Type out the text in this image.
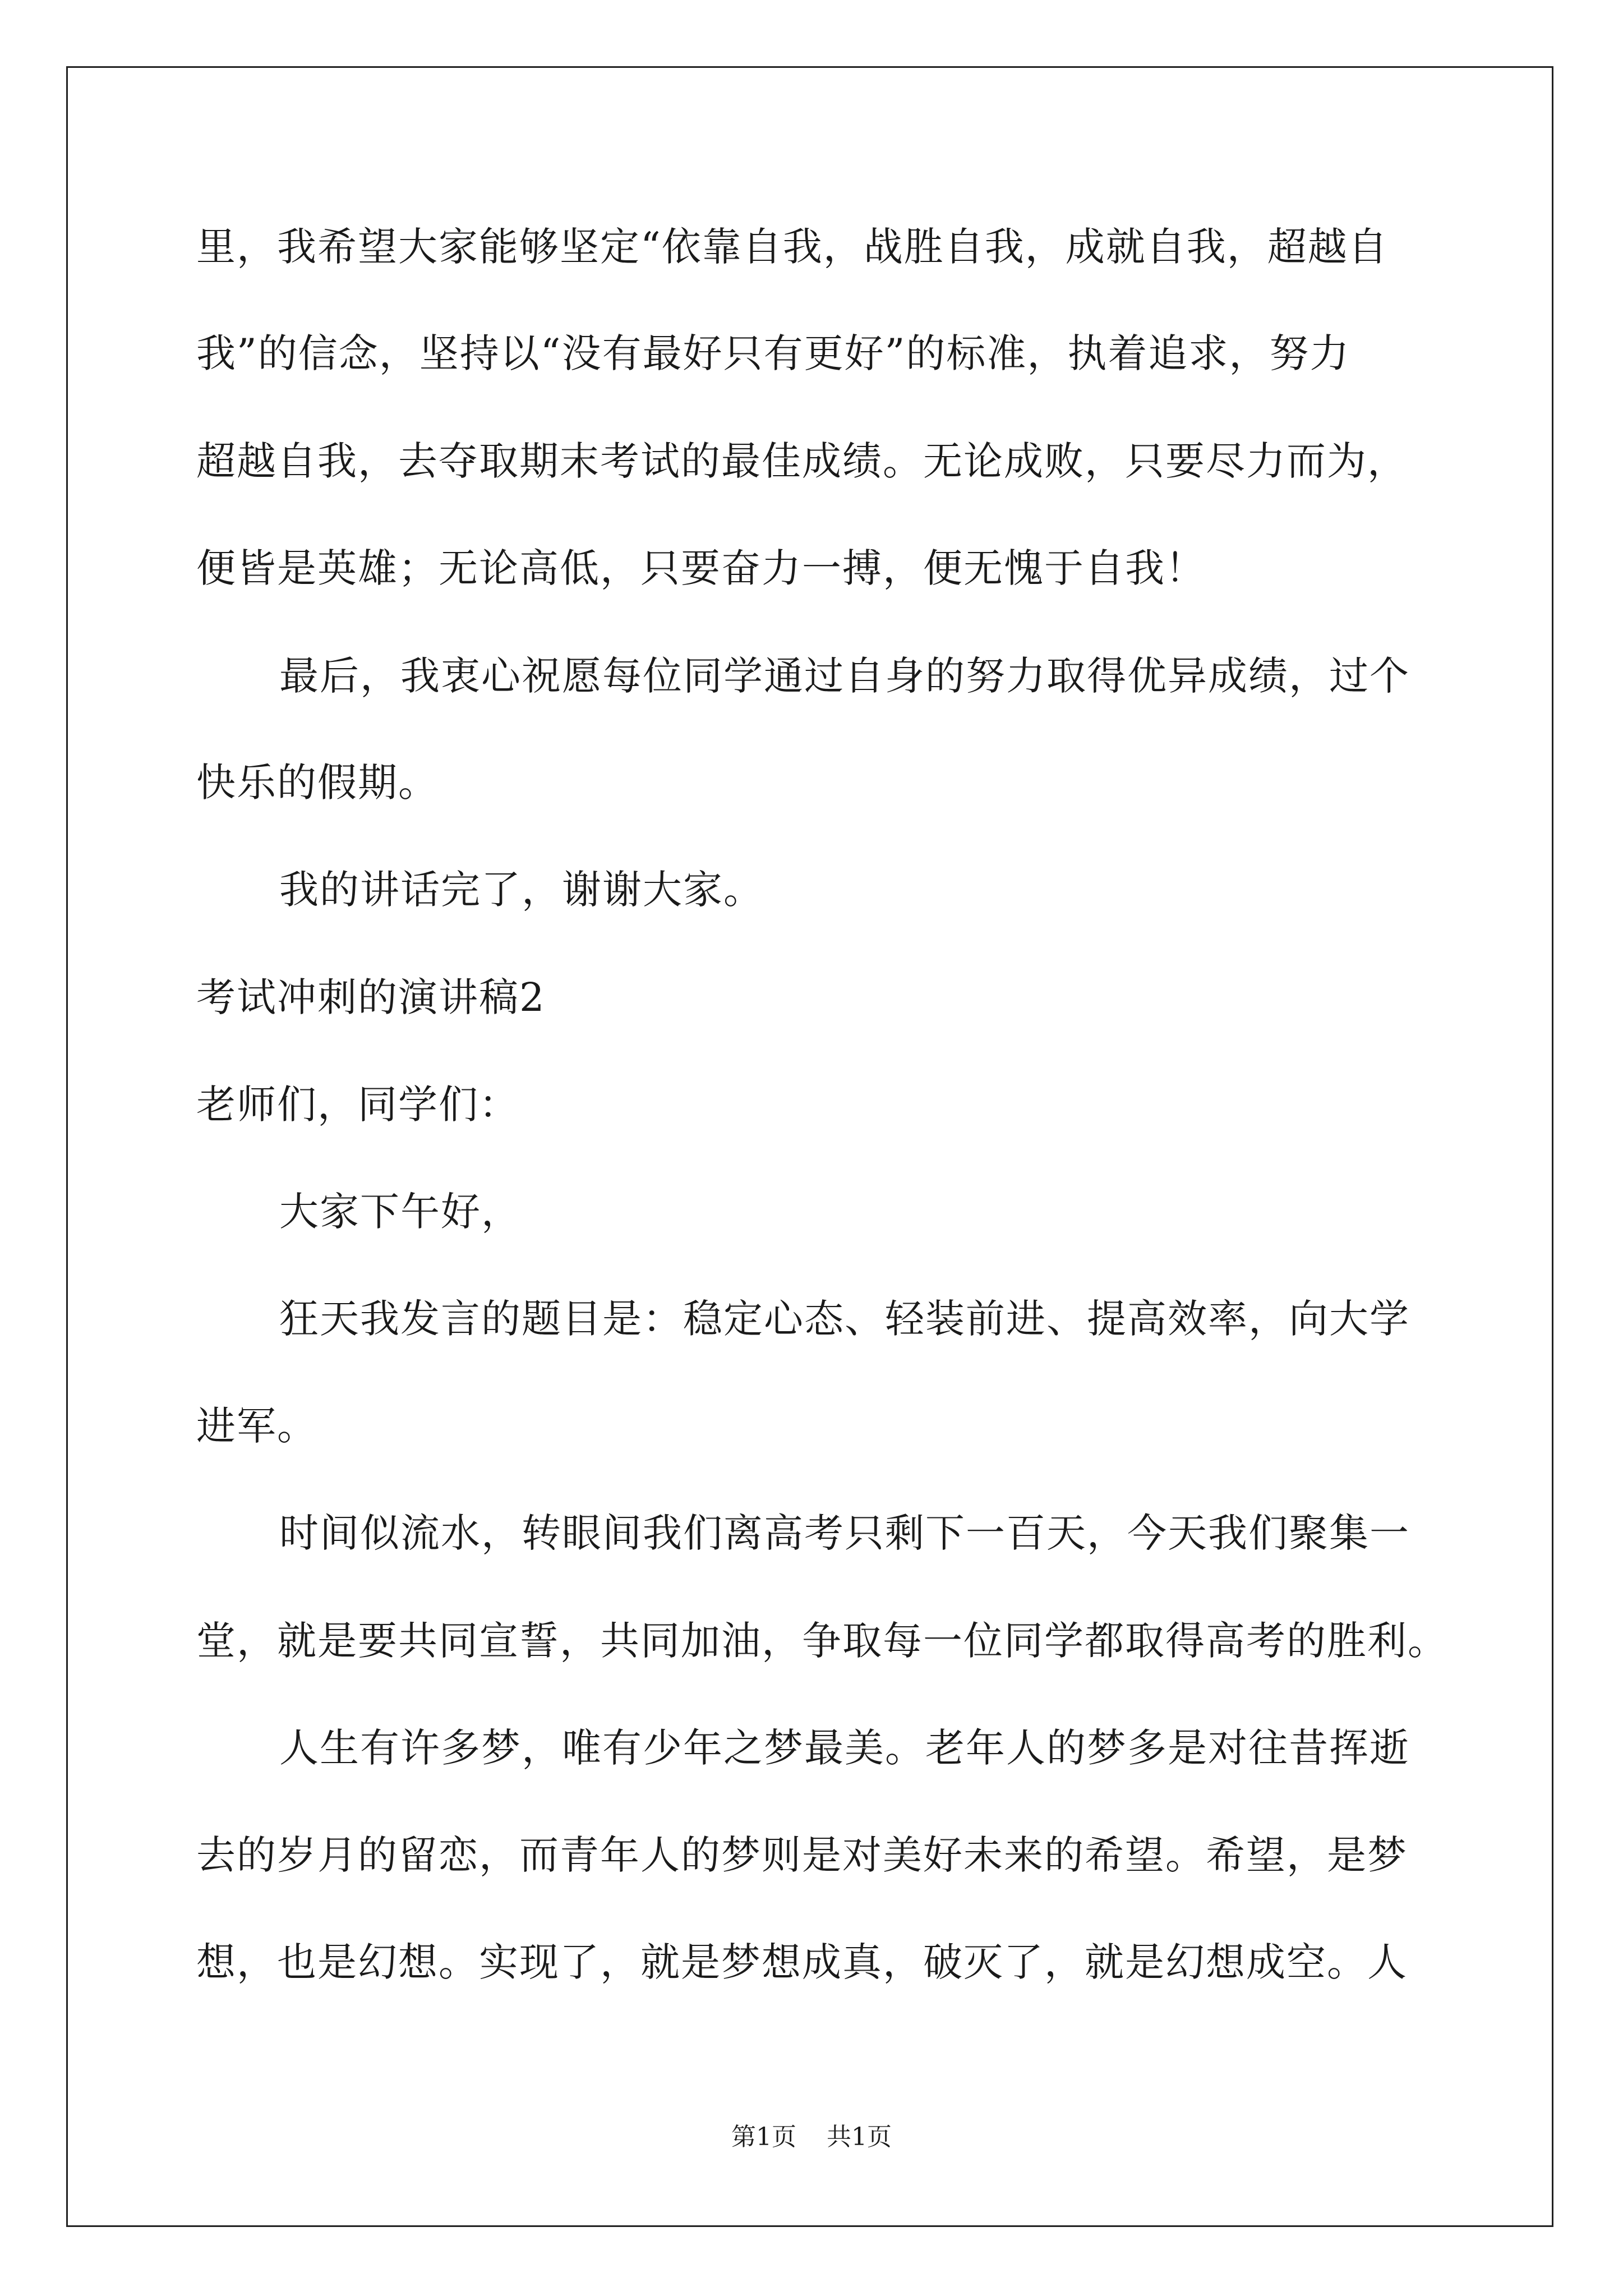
里，我希望大家能够坚定“依靠自我，战胜自我，成就自我，超越自
我”的信念，坚持以“没有最好只有更好”的标准，执着追求，努力
超越自我，去夺取期末考试的最佳成绩。无论成败，只要尽力而为，
便皆是英雄；无论高低，只要奋力一搏，便无愧于自我！
最后，我衷心祝愿每位同学通过自身的努力取得优异成绩，过个
快乐的假期。
我的讲话完了，谢谢大家。
考试冲刺的演讲稿2
老师们，同学们：
大家下午好，
狂天我发言的题目是：稳定心态、轻装前进、提高效率，向大学
进军。
时间似流水，转眼间我们离高考只剩下一百天，今天我们聚集一
堂，就是要共同宣誓，共同加油，争取每一位同学都取得高考的胜利。
人生有许多梦，唯有少年之梦最美。老年人的梦多是对往昔挥逝
去的岁月的留恋，而青年人的梦则是对美好未来的希望。希望，是梦
想，也是幻想。实现了，就是梦想成真，破灭了，就是幻想成空。人
第1页 共1页
